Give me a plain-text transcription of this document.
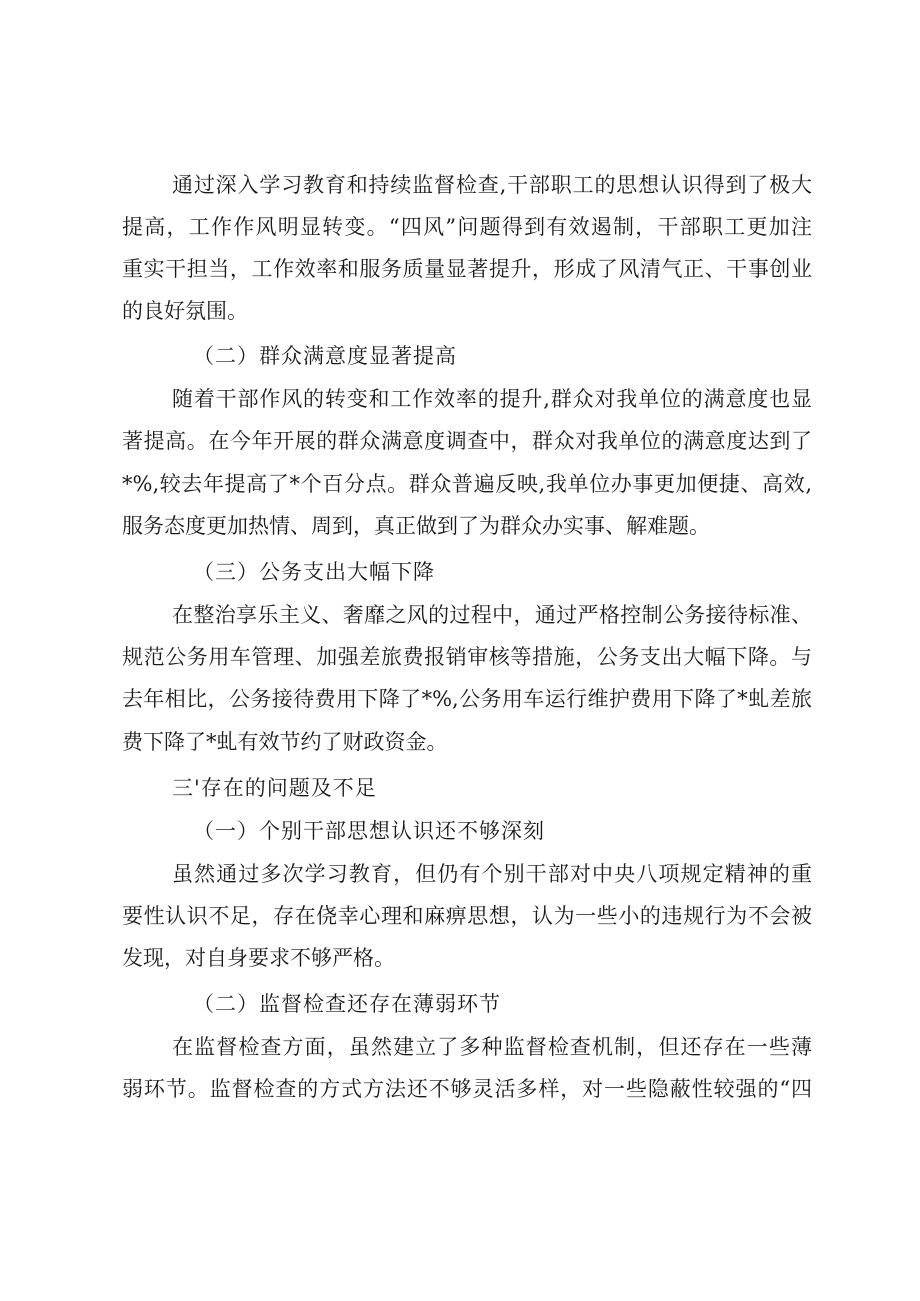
通过深入学习教育和持续监督检查,干部职工的思想认识得到了极大
提高，工作作风明显转变。“四风”问题得到有效遏制，干部职工更加注
重实干担当，工作效率和服务质量显著提升，形成了风清气正、干事创业
的良好氛围。
（二）群众满意度显著提高
随着干部作风的转变和工作效率的提升,群众对我单位的满意度也显
著提高。在今年开展的群众满意度调查中，群众对我单位的满意度达到了
*%,较去年提高了*个百分点。群众普遍反映,我单位办事更加便捷、高效,
服务态度更加热情、周到，真正做到了为群众办实事、解难题。
（三）公务支出大幅下降
在整治享乐主义、奢靡之风的过程中，通过严格控制公务接待标准、
规范公务用车管理、加强差旅费报销审核等措施，公务支出大幅下降。与
去年相比，公务接待费用下降了*%,公务用车运行维护费用下降了*虬差旅
费下降了*虬有效节约了财政资金。
三'存在的问题及不足
（一）个别干部思想认识还不够深刻
虽然通过多次学习教育，但仍有个别干部对中央八项规定精神的重
要性认识不足，存在侥幸心理和麻痹思想，认为一些小的违规行为不会被
发现，对自身要求不够严格。
（二）监督检查还存在薄弱环节
在监督检查方面，虽然建立了多种监督检查机制，但还存在一些薄
弱环节。监督检查的方式方法还不够灵活多样，对一些隐蔽性较强的“四
